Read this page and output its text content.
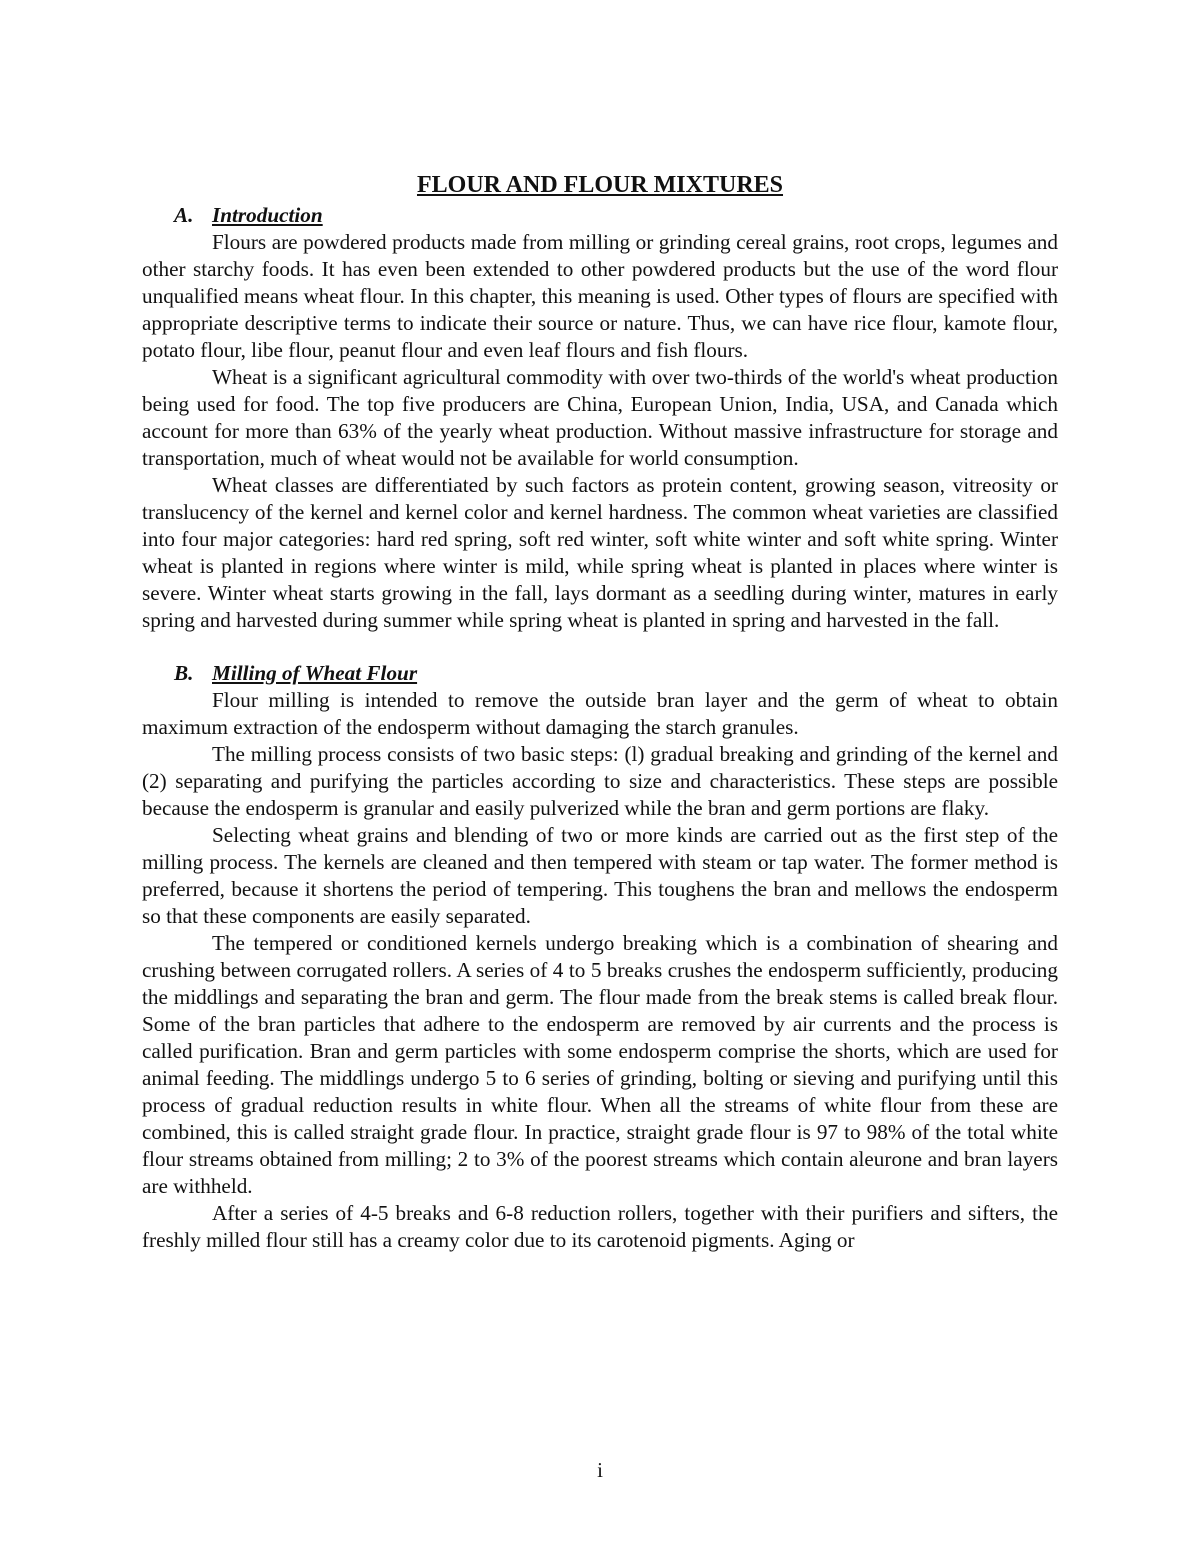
FLOUR AND FLOUR MIXTURES
A. Introduction

Flours are powdered products made from milling or grinding cereal grains, root crops, legumes and other starchy foods. It has even been extended to other powdered products but the use of the word flour unqualified means wheat flour. In this chapter, this meaning is used. Other types of flours are specified with appropriate descriptive terms to indicate their source or nature. Thus, we can have rice flour, kamote flour, potato flour, libe flour, peanut flour and even leaf flours and fish flours.

Wheat is a significant agricultural commodity with over two-thirds of the world's wheat production being used for food. The top five producers are China, European Union, India, USA, and Canada which account for more than 63% of the yearly wheat production. Without massive infrastructure for storage and transportation, much of wheat would not be available for world consumption.

Wheat classes are differentiated by such factors as protein content, growing season, vitreosity or translucency of the kernel and kernel color and kernel hardness. The common wheat varieties are classified into four major categories: hard red spring, soft red winter, soft white winter and soft white spring. Winter wheat is planted in regions where winter is mild, while spring wheat is planted in places where winter is severe. Winter wheat starts growing in the fall, lays dormant as a seedling during winter, matures in early spring and harvested during summer while spring wheat is planted in spring and harvested in the fall.

B. Milling of Wheat Flour

Flour milling is intended to remove the outside bran layer and the germ of wheat to obtain maximum extraction of the endosperm without damaging the starch granules.

The milling process consists of two basic steps: (l) gradual breaking and grinding of the kernel and (2) separating and purifying the particles according to size and characteristics. These steps are possible because the endosperm is granular and easily pulverized while the bran and germ portions are flaky.

Selecting wheat grains and blending of two or more kinds are carried out as the first step of the milling process. The kernels are cleaned and then tempered with steam or tap water. The former method is preferred, because it shortens the period of tempering. This toughens the bran and mellows the endosperm so that these components are easily separated.

The tempered or conditioned kernels undergo breaking which is a combination of shearing and crushing between corrugated rollers. A series of 4 to 5 breaks crushes the endosperm sufficiently, producing the middlings and separating the bran and germ. The flour made from the break stems is called break flour. Some of the bran particles that adhere to the endosperm are removed by air currents and the process is called purification. Bran and germ particles with some endosperm comprise the shorts, which are used for animal feeding. The middlings undergo 5 to 6 series of grinding, bolting or sieving and purifying until this process of gradual reduction results in white flour. When all the streams of white flour from these are combined, this is called straight grade flour. In practice, straight grade flour is 97 to 98% of the total white flour streams obtained from milling; 2 to 3% of the poorest streams which contain aleurone and bran layers are withheld.

After a series of 4-5 breaks and 6-8 reduction rollers, together with their purifiers and sifters, the freshly milled flour still has a creamy color due to its carotenoid pigments. Aging or

i
